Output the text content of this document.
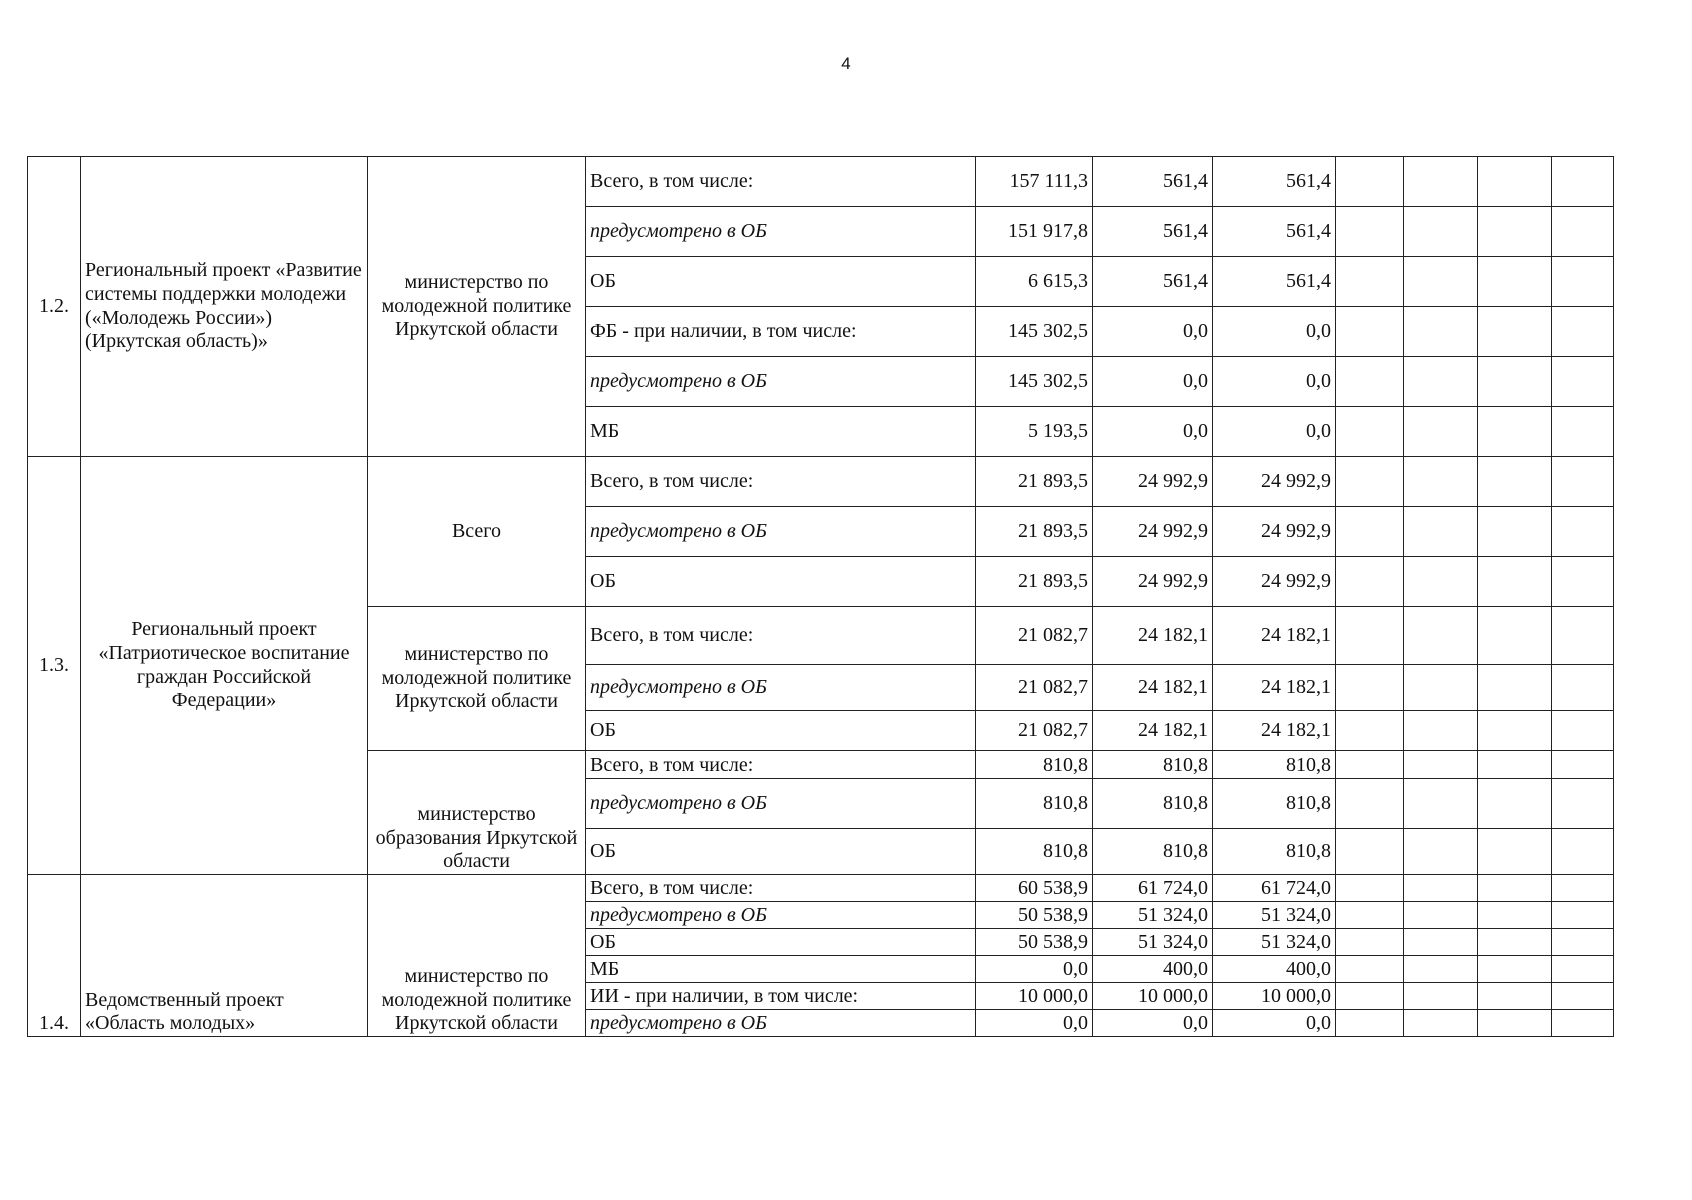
4
1.2.	Региональный проект «Развитие системы поддержки молодежи («Молодежь России») (Иркутская область)»	министерство по молодежной политике Иркутской области	Всего, в том числе:	157 111,3	561,4	561,4				
			предусмотрено в ОБ	151 917,8	561,4	561,4				
			ОБ	6 615,3	561,4	561,4				
			ФБ - при наличии, в том числе:	145 302,5	0,0	0,0				
			предусмотрено в ОБ	145 302,5	0,0	0,0				
			МБ	5 193,5	0,0	0,0				
1.3.	Региональный проект «Патриотическое воспитание граждан Российской Федерации»	Всего	Всего, в том числе:	21 893,5	24 992,9	24 992,9				
			предусмотрено в ОБ	21 893,5	24 992,9	24 992,9				
			ОБ	21 893,5	24 992,9	24 992,9				
		министерство по молодежной политике Иркутской области	Всего, в том числе:	21 082,7	24 182,1	24 182,1				
			предусмотрено в ОБ	21 082,7	24 182,1	24 182,1				
			ОБ	21 082,7	24 182,1	24 182,1				
		министерство образования Иркутской области	Всего, в том числе:	810,8	810,8	810,8				
			предусмотрено в ОБ	810,8	810,8	810,8				
			ОБ	810,8	810,8	810,8				
1.4.	Ведомственный проект «Область молодых»	министерство по молодежной политике Иркутской области	Всего, в том числе:	60 538,9	61 724,0	61 724,0				
			предусмотрено в ОБ	50 538,9	51 324,0	51 324,0				
			ОБ	50 538,9	51 324,0	51 324,0				
			МБ	0,0	400,0	400,0				
			ИИ - при наличии, в том числе:	10 000,0	10 000,0	10 000,0				
			предусмотрено в ОБ	0,0	0,0	0,0				
